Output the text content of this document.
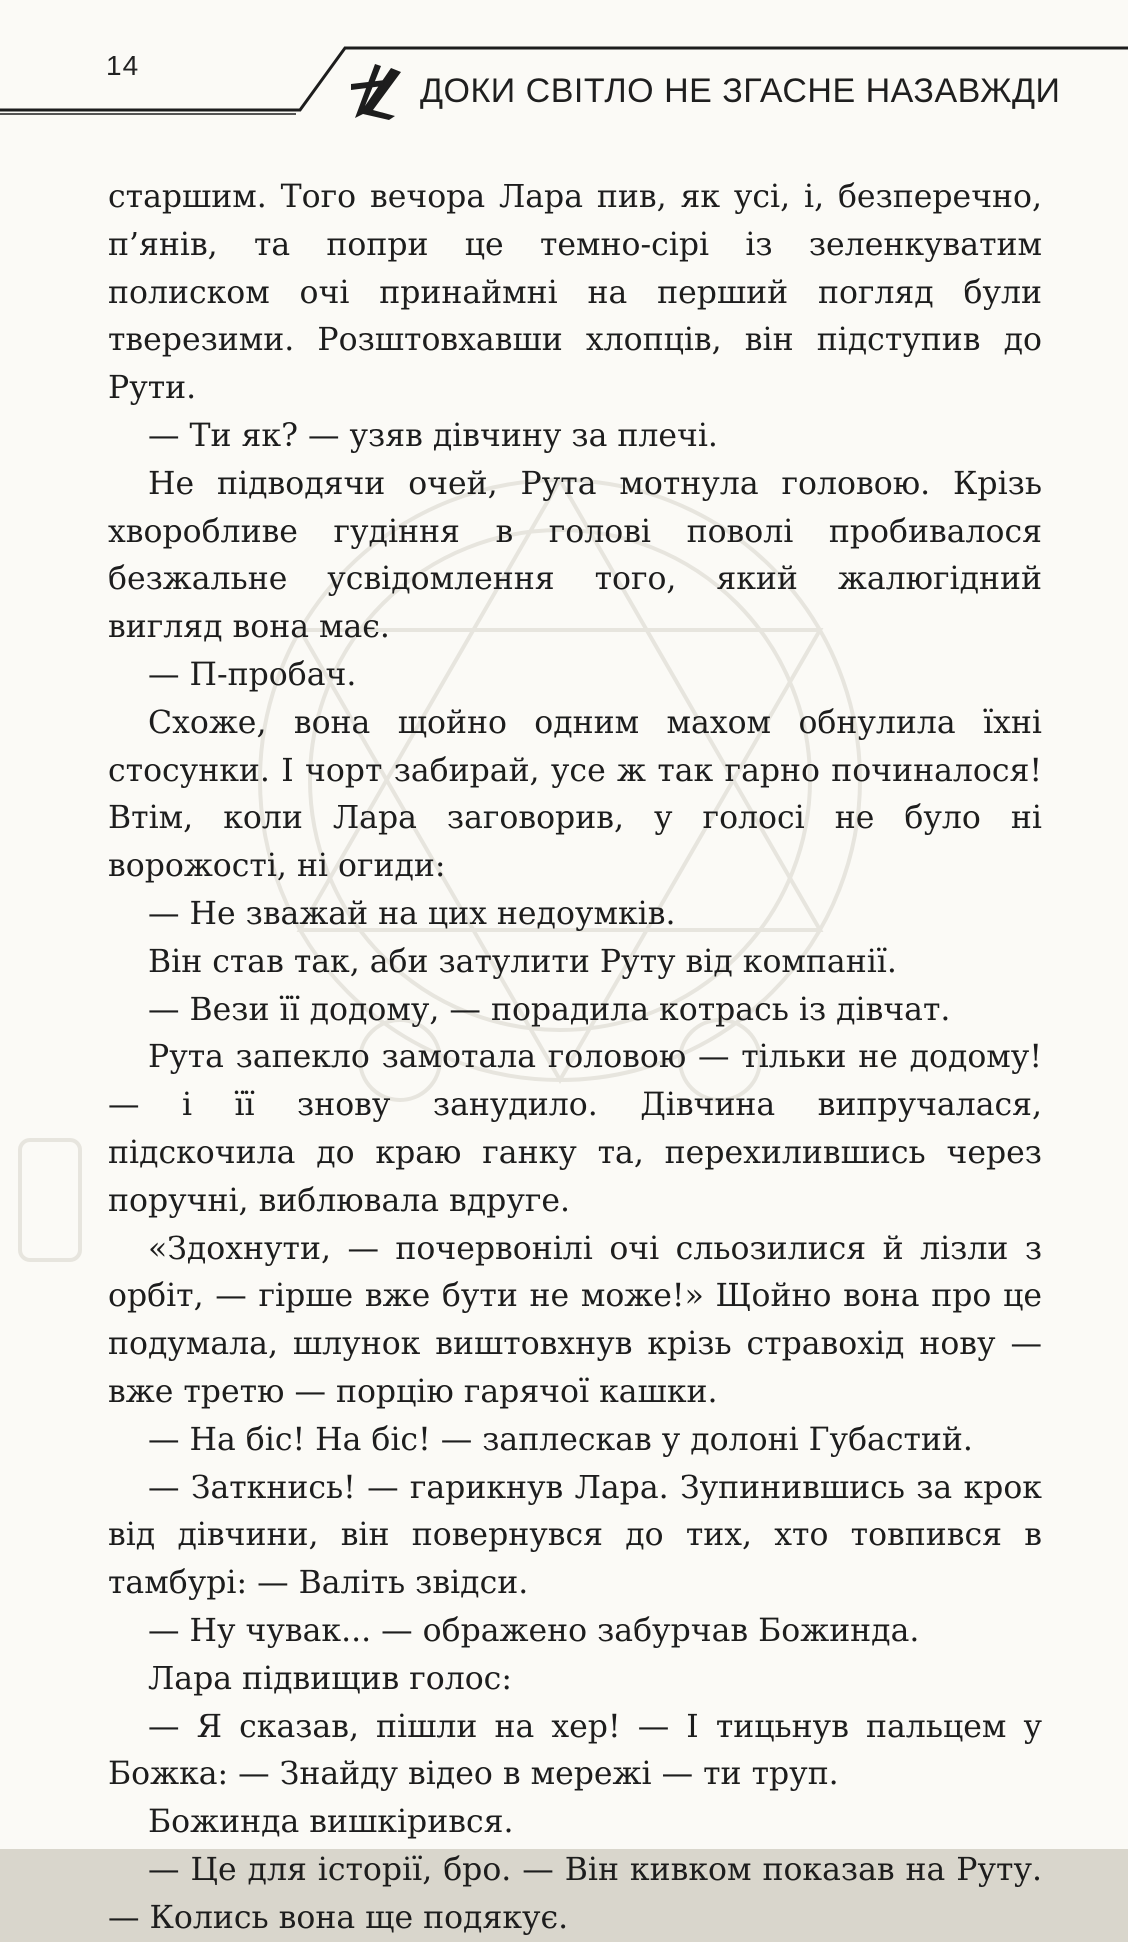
14
ДОКИ СВІТЛО НЕ ЗГАСНЕ НАЗАВЖДИ

старшим. Того вечора Лара пив, як усі, і, безперечно, п’янів, та попри це темно-сірі із зеленкуватим полиском очі принаймні на перший погляд були тверезими. Розштовхавши хлопців, він підступив до Рути.

— Ти як? — узяв дівчину за плечі.

Не підводячи очей, Рута мотнула головою. Крізь хворобливе гудіння в голові поволі пробивалося безжальне усвідомлення того, який жалюгідний вигляд вона має.

— П-пробач.

Схоже, вона щойно одним махом обнулила їхні стосунки. І чорт забирай, усе ж так гарно починалося! Втім, коли Лара заговорив, у голосі не було ні ворожості, ні огиди:

— Не зважай на цих недоумків.

Він став так, аби затулити Руту від компанії.

— Вези її додому, — порадила котрась із дівчат.

Рута запекло замотала головою — тільки не додому! — і її знову занудило. Дівчина випручалася, підскочила до краю ганку та, перехилившись через поручні, виблювала вдруге.

«Здохнути, — почервонілі очі сльозилися й лізли з орбіт, — гірше вже бути не може!» Щойно вона про це подумала, шлунок виштовхнув крізь стравохід нову — вже третю — порцію гарячої кашки.

— На біс! На біс! — заплескав у долоні Губастий.

— Заткнись! — гарикнув Лара. Зупинившись за крок від дівчини, він повернувся до тих, хто товпився в тамбурі: — Валіть звідси.

— Ну чувак... — ображено забурчав Божинда.

Лара підвищив голос:

— Я сказав, пішли на хер! — І тицьнув пальцем у Божка: — Знайду відео в мережі — ти труп.

Божинда вишкірився.

— Це для історії, бро. — Він кивком показав на Руту. — Колись вона ще подякує.
